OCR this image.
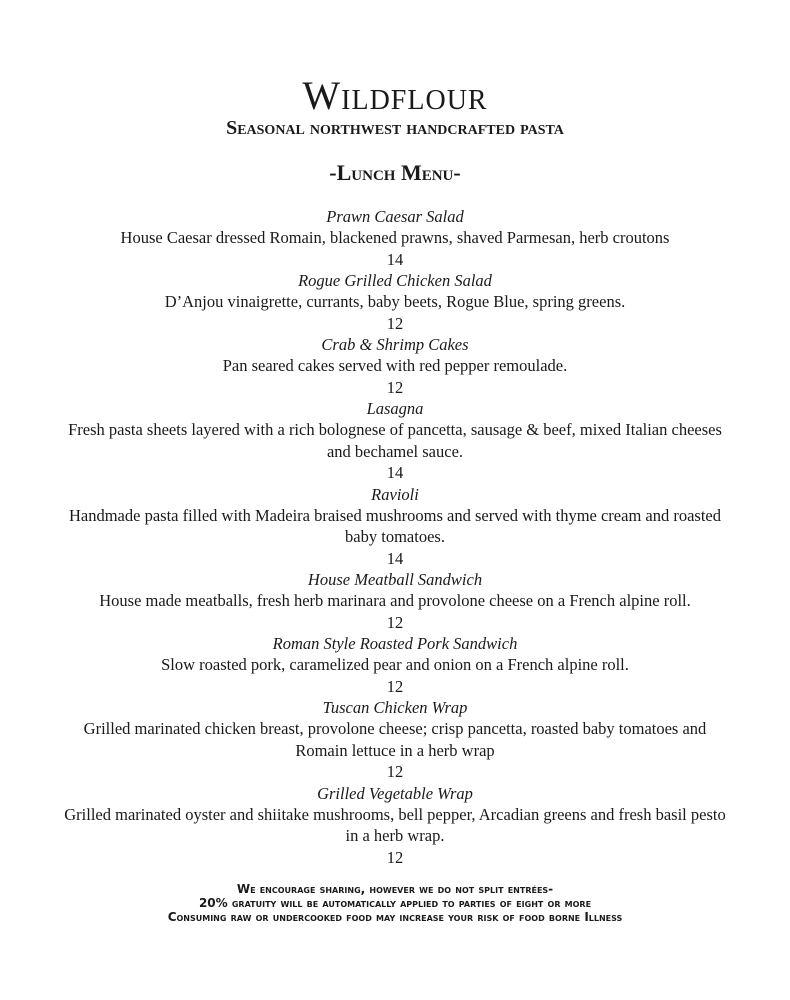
Wildflour
Seasonal northwest handcrafted pasta
-Lunch Menu-
Prawn Caesar Salad
House Caesar dressed Romain, blackened prawns, shaved Parmesan, herb croutons
14
Rogue Grilled Chicken Salad
D’Anjou vinaigrette, currants, baby beets, Rogue Blue, spring greens.
12
Crab & Shrimp Cakes
Pan seared cakes served with red pepper remoulade.
12
Lasagna
Fresh pasta sheets layered with a rich bolognese of pancetta, sausage & beef, mixed Italian cheeses and bechamel sauce.
14
Ravioli
Handmade pasta filled with Madeira braised mushrooms and served with thyme cream and roasted baby tomatoes.
14
House Meatball Sandwich
House made meatballs, fresh herb marinara and provolone cheese on a French alpine roll.
12
Roman Style Roasted Pork Sandwich
Slow roasted pork, caramelized pear and onion on a French alpine roll.
12
Tuscan Chicken Wrap
Grilled marinated chicken breast, provolone cheese; crisp pancetta, roasted baby tomatoes and Romain lettuce in a herb wrap
12
Grilled Vegetable Wrap
Grilled marinated oyster and shiitake mushrooms, bell pepper, Arcadian greens and fresh basil pesto in a herb wrap.
12
We encourage sharing, however we do not split entrées-
20% gratuity will be automatically applied to parties of eight or more
Consuming raw or undercooked food may increase your risk of food borne Illness
